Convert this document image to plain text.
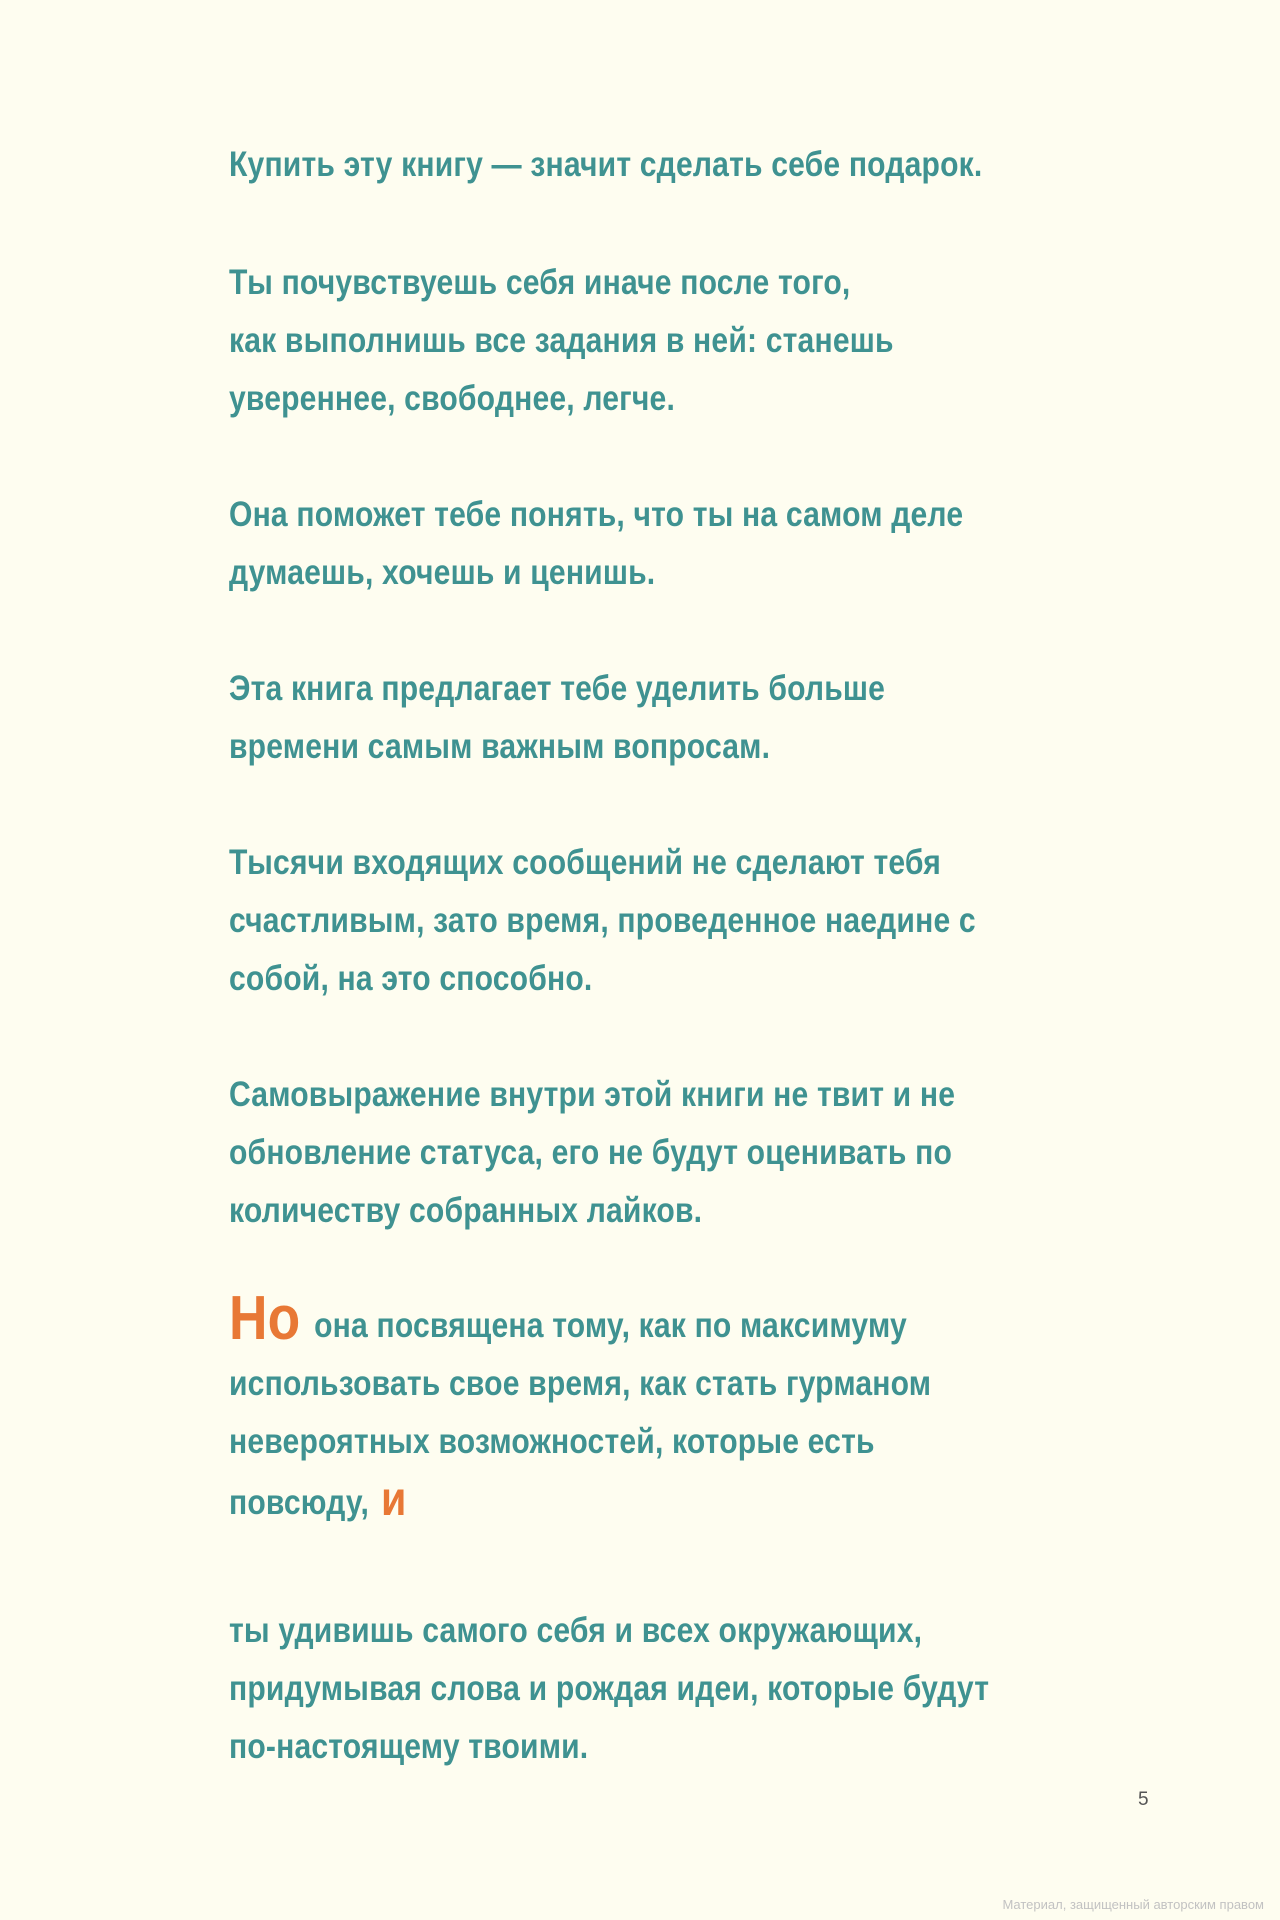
Купить эту книгу — значит сделать себе подарок.
Ты почувствуешь себя иначе после того,
как выполнишь все задания в ней: станешь
увереннее, свободнее, легче.
Она поможет тебе понять, что ты на самом деле
думаешь, хочешь и ценишь.
Эта книга предлагает тебе уделить больше
времени самым важным вопросам.
Тысячи входящих сообщений не сделают тебя
счастливым, зато время, проведенное наедине с
собой, на это способно.
Самовыражение внутри этой книги не твит и не
обновление статуса, его не будут оценивать по
количеству собранных лайков.
Но она посвящена тому, как по максимуму
использовать свое время, как стать гурманом
невероятных возможностей, которые есть
повсюду, и
ты удивишь самого себя и всех окружающих,
придумывая слова и рождая идеи, которые будут
по-настоящему твоими.
5
Материал, защищенный авторским правом
